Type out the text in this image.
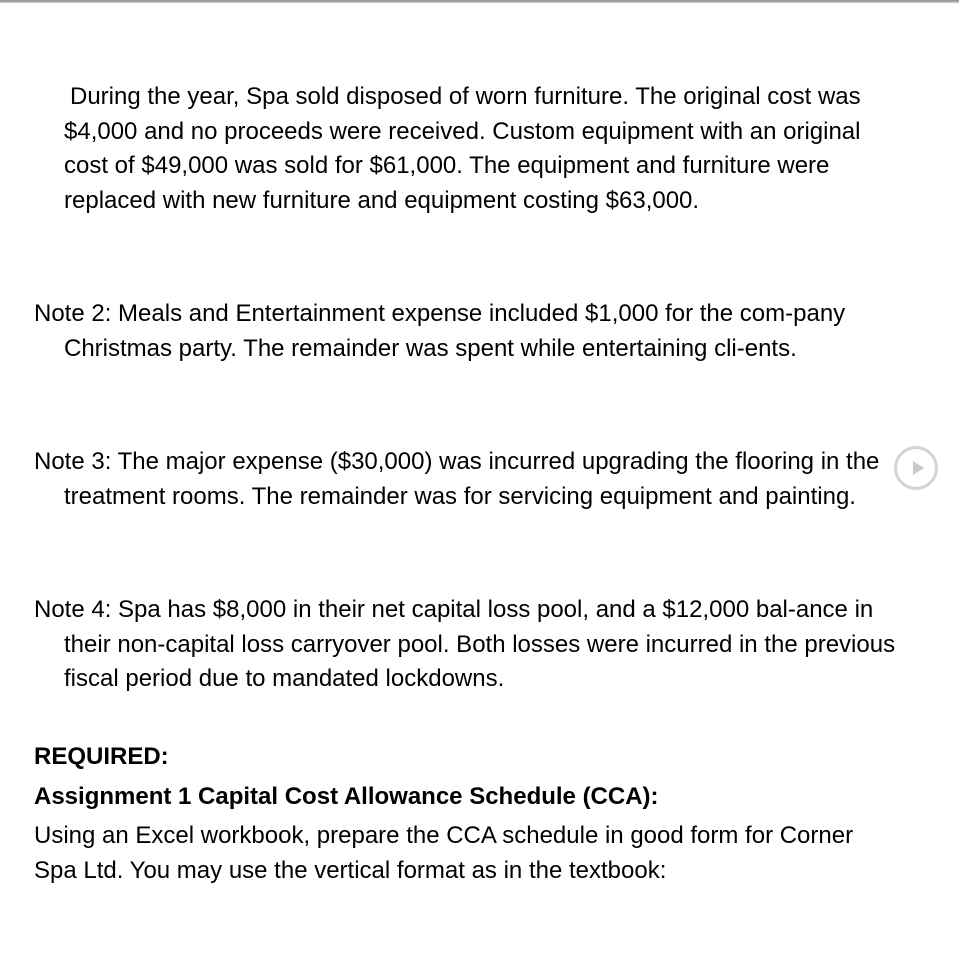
During the year, Spa sold disposed of worn furniture. The original cost was $4,000 and no proceeds were received. Custom equipment with an original cost of $49,000 was sold for $61,000. The equipment and furniture were replaced with new furniture and equipment costing $63,000.

Note 2: Meals and Entertainment expense included $1,000 for the com-pany Christmas party. The remainder was spent while entertaining cli-ents.

Note 3: The major expense ($30,000) was incurred upgrading the flooring in the treatment rooms. The remainder was for servicing equipment and painting.

Note 4: Spa has $8,000 in their net capital loss pool, and a $12,000 bal-ance in their non-capital loss carryover pool. Both losses were incurred in the previous fiscal period due to mandated lockdowns.

REQUIRED:

Assignment 1 Capital Cost Allowance Schedule (CCA):

Using an Excel workbook, prepare the CCA schedule in good form for Corner Spa Ltd. You may use the vertical format as in the textbook:
